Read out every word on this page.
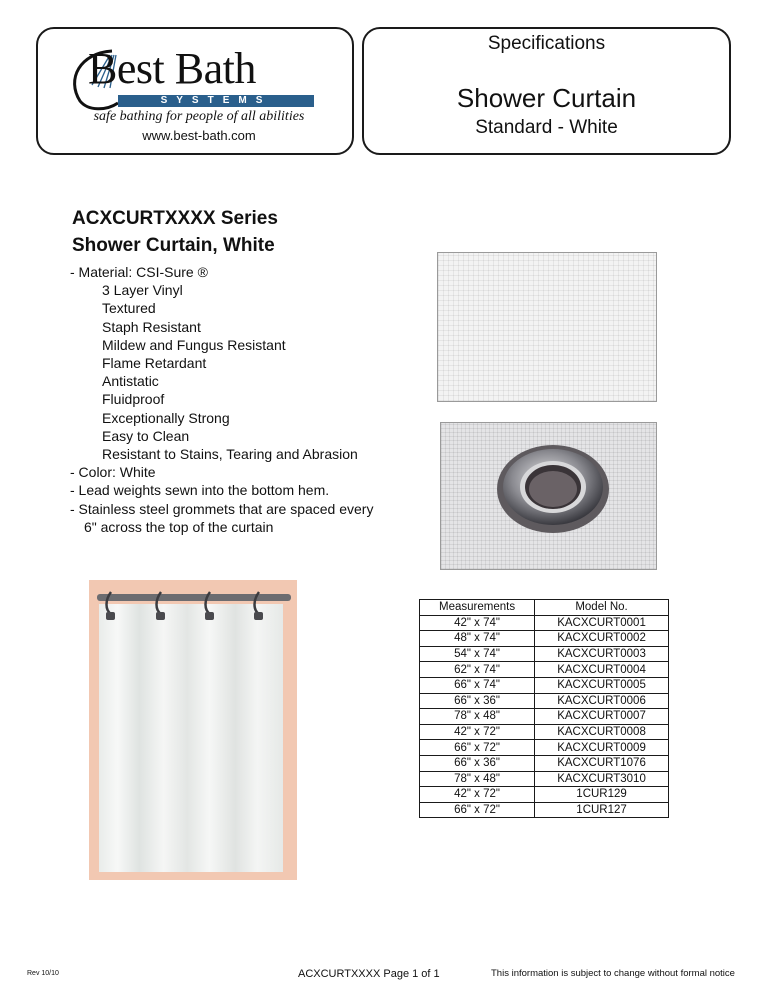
Best Bath
SYSTEMS
safe bathing for people of all abilities
www.best-bath.com
Specifications
Shower Curtain
Standard - White
ACXCURTXXXX Series
Shower Curtain, White
- Material: CSI-Sure ®
3 Layer Vinyl
Textured
Staph Resistant
Mildew and Fungus Resistant
Flame Retardant
Antistatic
Fluidproof
Exceptionally Strong
Easy to Clean
Resistant to Stains, Tearing and Abrasion
- Color: White
- Lead weights sewn into the bottom hem.
- Stainless steel grommets that are spaced every
6" across the top of the curtain
Measurements	Model No.
42" x 74"	KACXCURT0001
48" x 74"	KACXCURT0002
54" x 74"	KACXCURT0003
62" x 74"	KACXCURT0004
66" x 74"	KACXCURT0005
66" x 36"	KACXCURT0006
78" x 48"	KACXCURT0007
42" x 72"	KACXCURT0008
66" x 72"	KACXCURT0009
66" x 36"	KACXCURT1076
78" x 48"	KACXCURT3010
42" x 72"	1CUR129
66" x 72"	1CUR127
Rev 10/10	ACXCURTXXXX Page 1 of 1	This information is subject to change without formal notice
